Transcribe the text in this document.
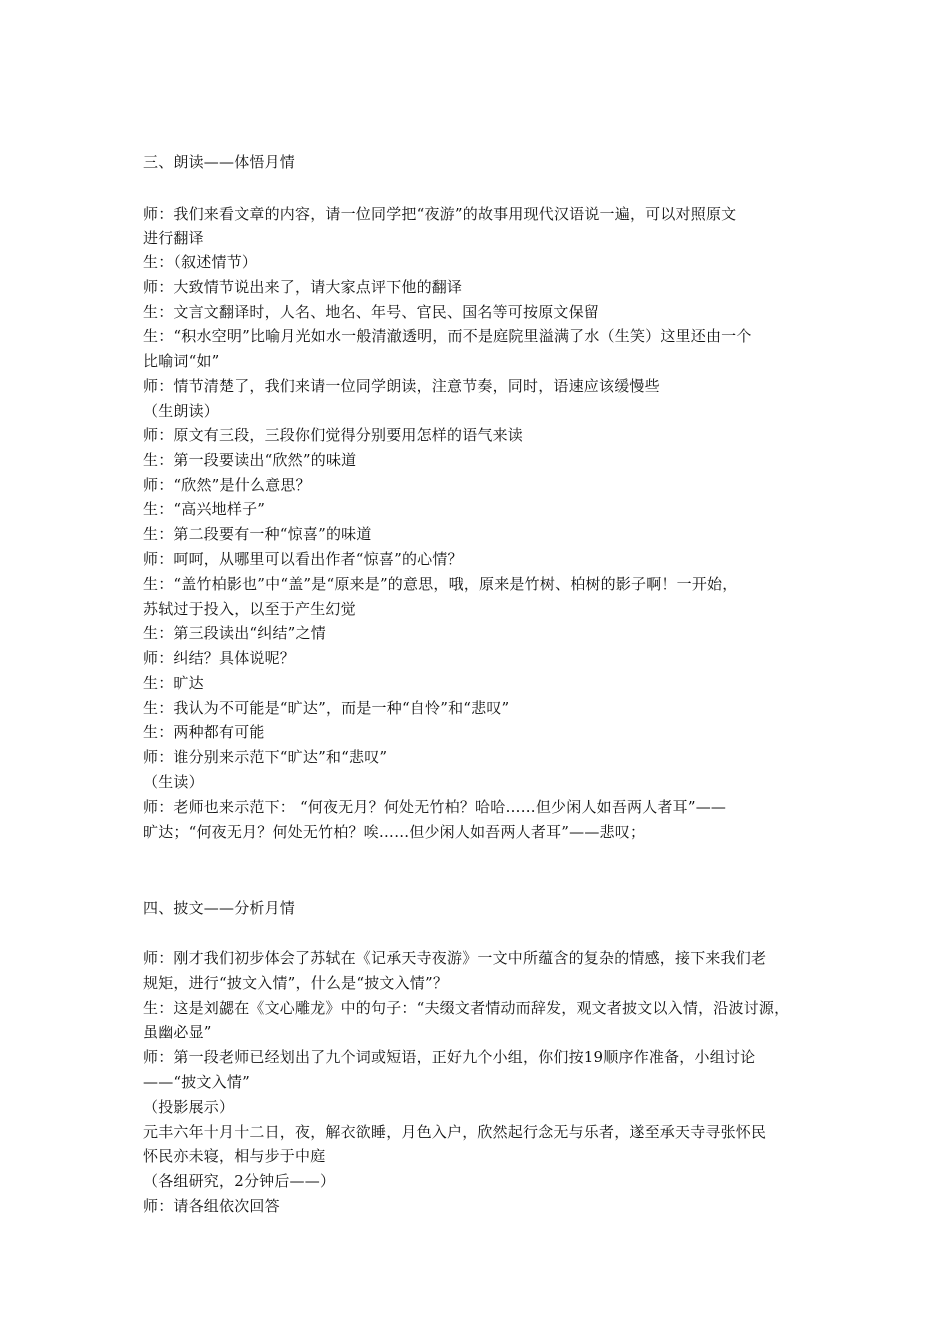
三、朗读——体悟月情
师：我们来看文章的内容，请一位同学把“夜游”的故事用现代汉语说一遍，可以对照原文
进行翻译
生：（叙述情节）
师：大致情节说出来了，请大家点评下他的翻译
生：文言文翻译时，人名、地名、年号、官民、国名等可按原文保留
生：“积水空明”比喻月光如水一般清澈透明，而不是庭院里溢满了水（生笑）这里还由一个
比喻词“如”
师：情节清楚了，我们来请一位同学朗读，注意节奏，同时，语速应该缓慢些
（生朗读）
师：原文有三段，三段你们觉得分别要用怎样的语气来读
生：第一段要读出“欣然”的味道
师：“欣然”是什么意思？
生：“高兴地样子”
生：第二段要有一种“惊喜”的味道
师：呵呵，从哪里可以看出作者“惊喜”的心情？
生：“盖竹柏影也”中“盖”是“原来是”的意思，哦，原来是竹树、柏树的影子啊！一开始，
苏轼过于投入，以至于产生幻觉
生：第三段读出“纠结”之情
师：纠结？具体说呢？
生：旷达
生：我认为不可能是“旷达”，而是一种“自怜”和“悲叹”
生：两种都有可能
师：谁分别来示范下“旷达”和“悲叹”
（生读）
师：老师也来示范下： “何夜无月？何处无竹柏？哈哈……但少闲人如吾两人者耳”——
旷达；“何夜无月？何处无竹柏？唉……但少闲人如吾两人者耳”——悲叹；
四、披文——分析月情
师：刚才我们初步体会了苏轼在《记承天寺夜游》一文中所蕴含的复杂的情感，接下来我们老
规矩，进行“披文入情”，什么是“披文入情”？
生：这是刘勰在《文心雕龙》中的句子：“夫缀文者情动而辞发，观文者披文以入情，沿波讨源，
虽幽必显”
师：第一段老师已经划出了九个词或短语，正好九个小组，你们按19顺序作准备，小组讨论
——“披文入情”
（投影展示）
元丰六年十月十二日，夜，解衣欲睡，月色入户，欣然起行念无与乐者，遂至承天寺寻张怀民
怀民亦未寝，相与步于中庭
（各组研究，2分钟后——）
师：请各组依次回答
